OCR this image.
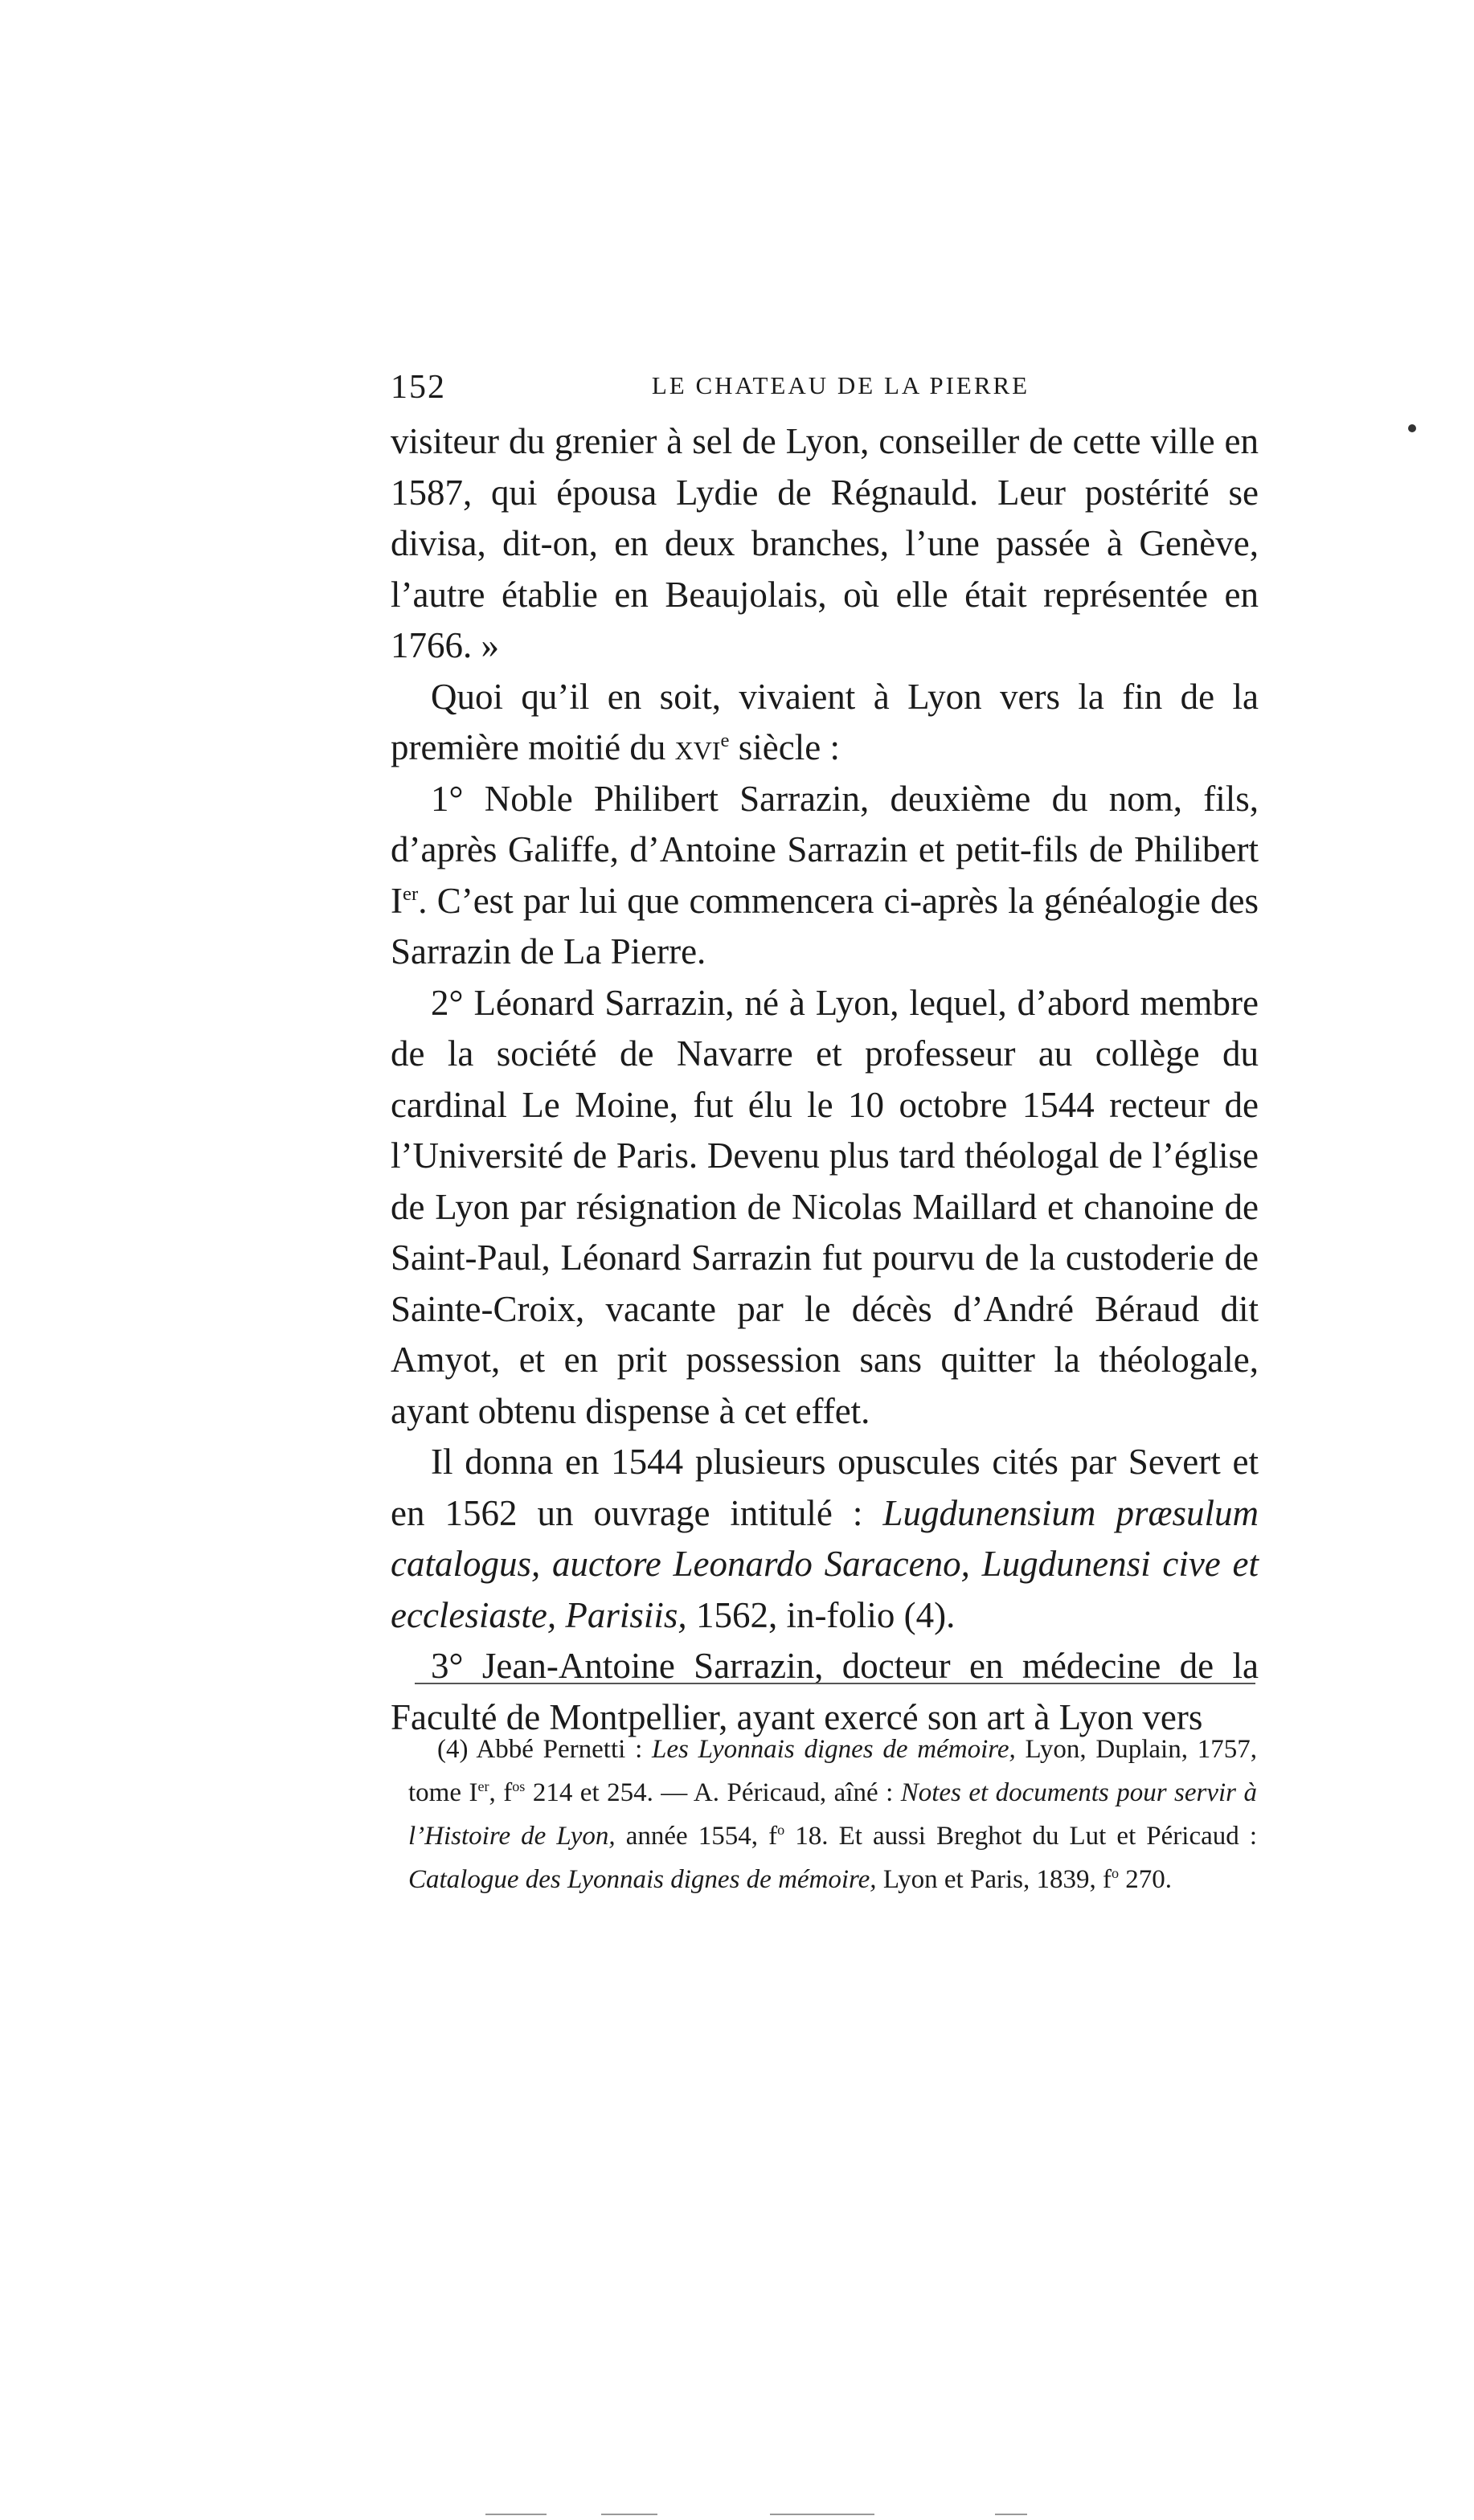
152	LE CHATEAU DE LA PIERRE

visiteur du grenier à sel de Lyon, conseiller de cette ville en 1587, qui épousa Lydie de Régnauld. Leur postérité se divisa, dit-on, en deux branches, l’une passée à Genève, l’autre établie en Beaujolais, où elle était représentée en 1766. »

Quoi qu’il en soit, vivaient à Lyon vers la fin de la première moitié du xvi$^e$ siècle :

1° Noble Philibert Sarrazin, deuxième du nom, fils, d’après Galiffe, d’Antoine Sarrazin et petit-fils de Philibert Ier. C’est par lui que commencera ci-après la généalogie des Sarrazin de La Pierre.

2° Léonard Sarrazin, né à Lyon, lequel, d’abord membre de la société de Navarre et professeur au collège du cardinal Le Moine, fut élu le 10 octobre 1544 recteur de l’Université de Paris. Devenu plus tard théologal de l’église de Lyon par résignation de Nicolas Maillard et chanoine de Saint-Paul, Léonard Sarrazin fut pourvu de la custoderie de Sainte-Croix, vacante par le décès d’André Béraud dit Amyot, et en prit possession sans quitter la théologale, ayant obtenu dispense à cet effet.

Il donna en 1544 plusieurs opuscules cités par Severt et en 1562 un ouvrage intitulé : Lugdunensium præsulum catalogus, auctore Leonardo Saraceno, Lugdunensi cive et ecclesiaste, Parisiis, 1562, in-folio (4).

3° Jean-Antoine Sarrazin, docteur en médecine de la Faculté de Montpellier, ayant exercé son art à Lyon vers

(4) Abbé Pernetti : Les Lyonnais dignes de mémoire, Lyon, Duplain, 1757, tome Ier, $f^{os}$ 214 et 254. — A. Péricaud, aîné : Notes et documents pour servir à l’Histoire de Lyon, année 1554, $f^o$ 18. Et aussi Breghot du Lut et Péricaud : Catalogue des Lyonnais dignes de mémoire, Lyon et Paris, 1839, $f^o$ 270.
